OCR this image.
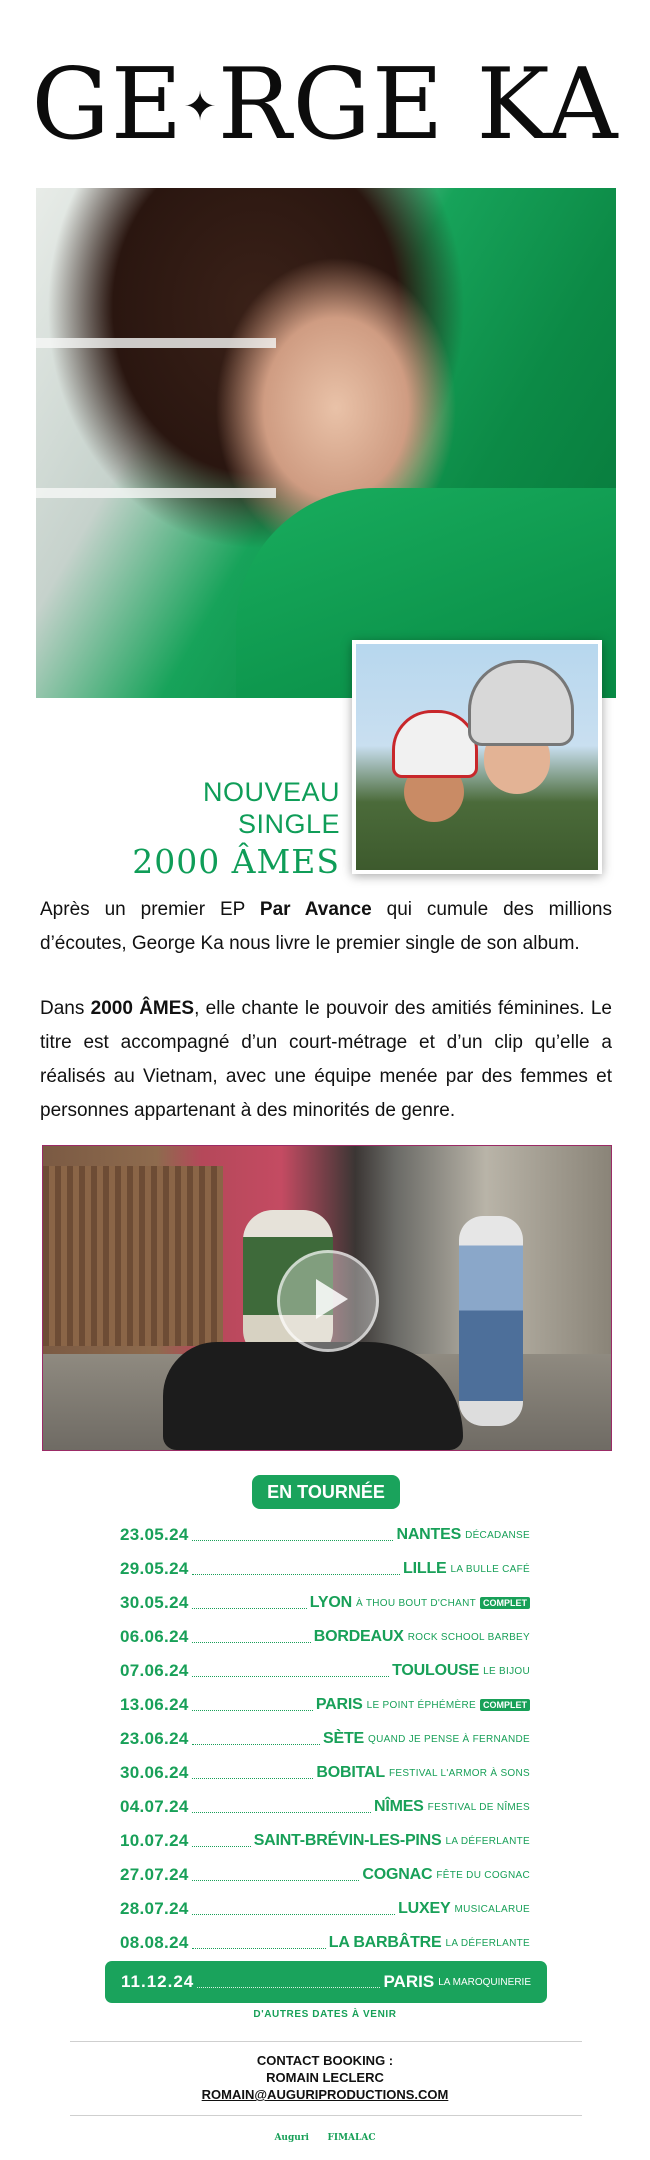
GE✦RGE KA
NOUVEAU SINGLE
2000 ÂMES
Après un premier EP Par Avance qui cumule des millions d’écoutes, George Ka nous livre le premier single de son album.
Dans 2000 ÂMES, elle chante le pouvoir des amitiés féminines. Le titre est accompagné d’un court-métrage et d’un clip qu’elle a réalisés au Vietnam, avec une équipe menée par des femmes et personnes appartenant à des minorités de genre.
EN TOURNÉE
23.05.24	NANTES DÉCADANSE
29.05.24	LILLE LA BULLE CAFÉ
30.05.24	LYON À THOU BOUT D'CHANT COMPLET
06.06.24	BORDEAUX ROCK SCHOOL BARBEY
07.06.24	TOULOUSE LE BIJOU
13.06.24	PARIS LE POINT ÉPHÉMÈRE COMPLET
23.06.24	SÈTE QUAND JE PENSE À FERNANDE
30.06.24	BOBITAL FESTIVAL L'ARMOR À SONS
04.07.24	NÎMES FESTIVAL DE NÎMES
10.07.24	SAINT-BRÉVIN-LES-PINS LA DÉFERLANTE
27.07.24	COGNAC FÊTE DU COGNAC
28.07.24	LUXEY MUSICALARUE
08.08.24	LA BARBÂTRE LA DÉFERLANTE
11.12.24	PARIS LA MAROQUINERIE
D'AUTRES DATES À VENIR
CONTACT BOOKING :
ROMAIN LECLERC
ROMAIN@AUGURIPRODUCTIONS.COM
Auguri FIMALAC
